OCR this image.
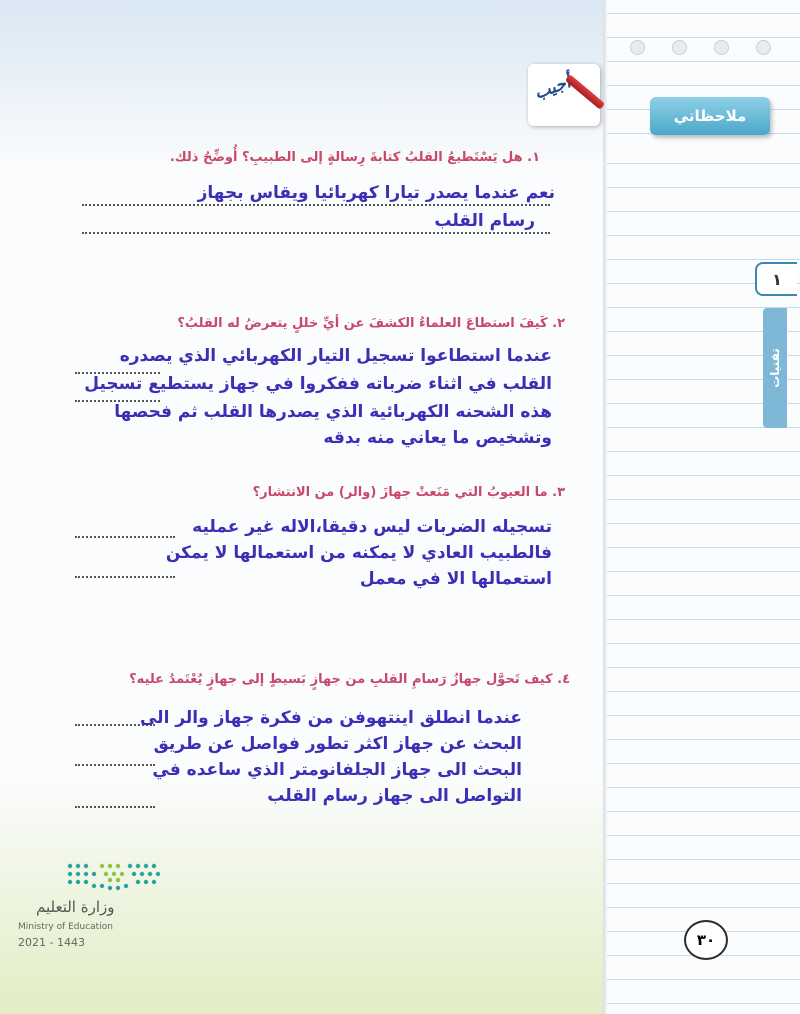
ملاحظاتي
١
تقنيات
٣٠
أجيب
١. هل يَسْتَطيعُ القلبُ كتابةَ رِسالةٍ إلى الطبيبِ؟ أُوضِّحُ ذلك.
نعم عندما يصدر تيارا كهربائيا ويقاس بجهاز
رسام القلب
٢. كَيفَ استطاعَ العلماءُ الكشفَ عن أيِّ خللٍ يتعرضُ له القلبُ؟
عندما استطاعوا تسجيل التيار الكهربائي الذي يصدره
القلب في اثناء ضرباته ففكروا في جهاز يستطيع تسجيل
هذه الشحنه الكهربائية الذي يصدرها القلب ثم فحصها
وتشخيص ما يعاني منه بدقه
٣. ما العيوبُ التي مَنَعتْ جهازَ (والر) من الانتشار؟
تسجيله الضربات ليس دقيقا،الاله غير عمليه
فالطبيب العادي لا يمكنه من استعمالها لا يمكن
استعمالها الا في معمل
٤. كيف تَحوَّل جهازُ رَسامِ القلبِ من جهازٍ بَسيطٍ إلى جهازٍ يُعْتَمدُ عليه؟
عندما انطلق اينتهوفن من فكرة جهاز والر الى
البحث عن جهاز اكثر تطور فواصل عن طريق
البحث الى جهاز الجلفانومتر الذي ساعده في
التواصل الى جهاز رسام القلب
وزارة التعليم
Ministry of Education
2021 - 1443
